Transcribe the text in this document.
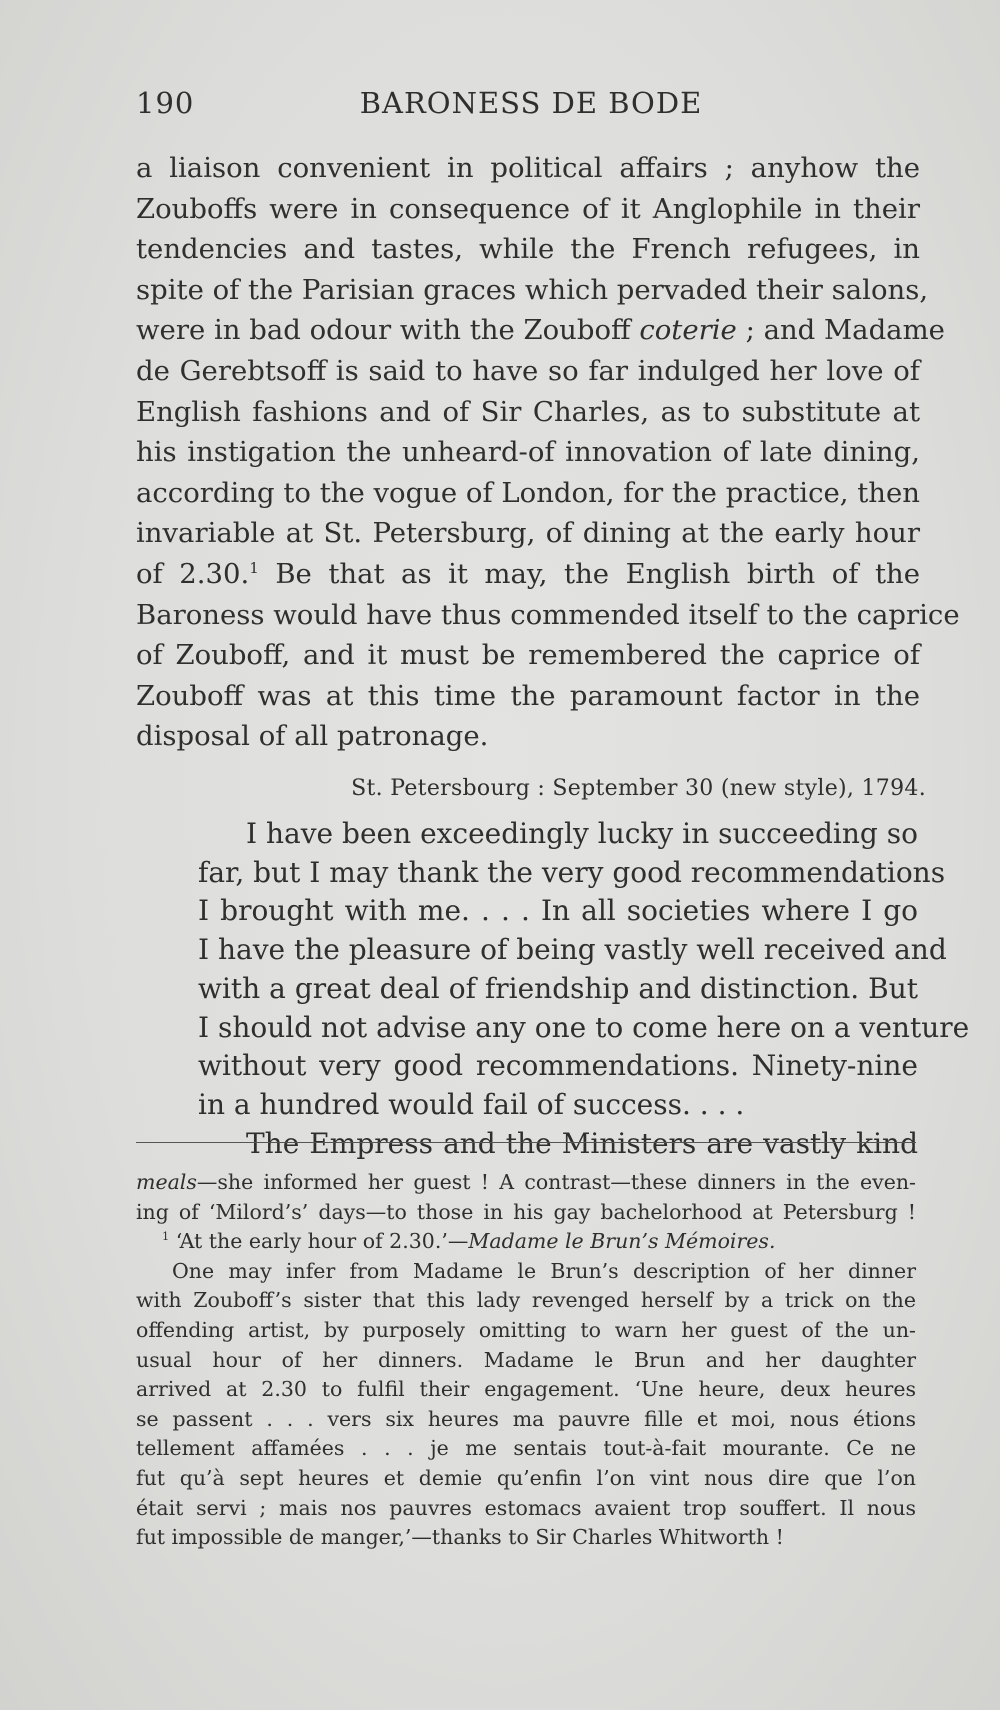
190	BARONESS DE BODE
a liaison convenient in political affairs ; anyhow the
Zouboffs were in consequence of it Anglophile in their
tendencies and tastes, while the French refugees, in
spite of the Parisian graces which pervaded their salons,
were in bad odour with the Zouboff coterie ; and Madame
de Gerebtsoff is said to have so far indulged her love of
English fashions and of Sir Charles, as to substitute at
his instigation the unheard-of innovation of late dining,
according to the vogue of London, for the practice, then
invariable at St. Petersburg, of dining at the early hour
of 2.30.$^1$ Be that as it may, the English birth of the
Baroness would have thus commended itself to the caprice
of Zouboff, and it must be remembered the caprice of
Zouboff was at this time the paramount factor in the
disposal of all patronage.
St. Petersbourg : September 30 (new style), 1794.
I have been exceedingly lucky in succeeding so
far, but I may thank the very good recommendations
I brought with me. . . . In all societies where I go
I have the pleasure of being vastly well received and
with a great deal of friendship and distinction. But
I should not advise any one to come here on a venture
without very good recommendations. Ninety-nine
in a hundred would fail of success. . . .
The Empress and the Ministers are vastly kind
meals—she informed her guest ! A contrast—these dinners in the even-
ing of ‘Milord’s’ days—to those in his gay bachelorhood at Petersburg !
$^1$ ‘At the early hour of 2.30.’—Madame le Brun’s Mémoires.
One may infer from Madame le Brun’s description of her dinner
with Zouboff’s sister that this lady revenged herself by a trick on the
offending artist, by purposely omitting to warn her guest of the un-
usual hour of her dinners. Madame le Brun and her daughter
arrived at 2.30 to fulfil their engagement. ‘Une heure, deux heures
se passent . . . vers six heures ma pauvre fille et moi, nous étions
tellement affamées . . . je me sentais tout-à-fait mourante. Ce ne
fut qu’à sept heures et demie qu’enfin l’on vint nous dire que l’on
était servi ; mais nos pauvres estomacs avaient trop souffert. Il nous
fut impossible de manger,’—thanks to Sir Charles Whitworth !
